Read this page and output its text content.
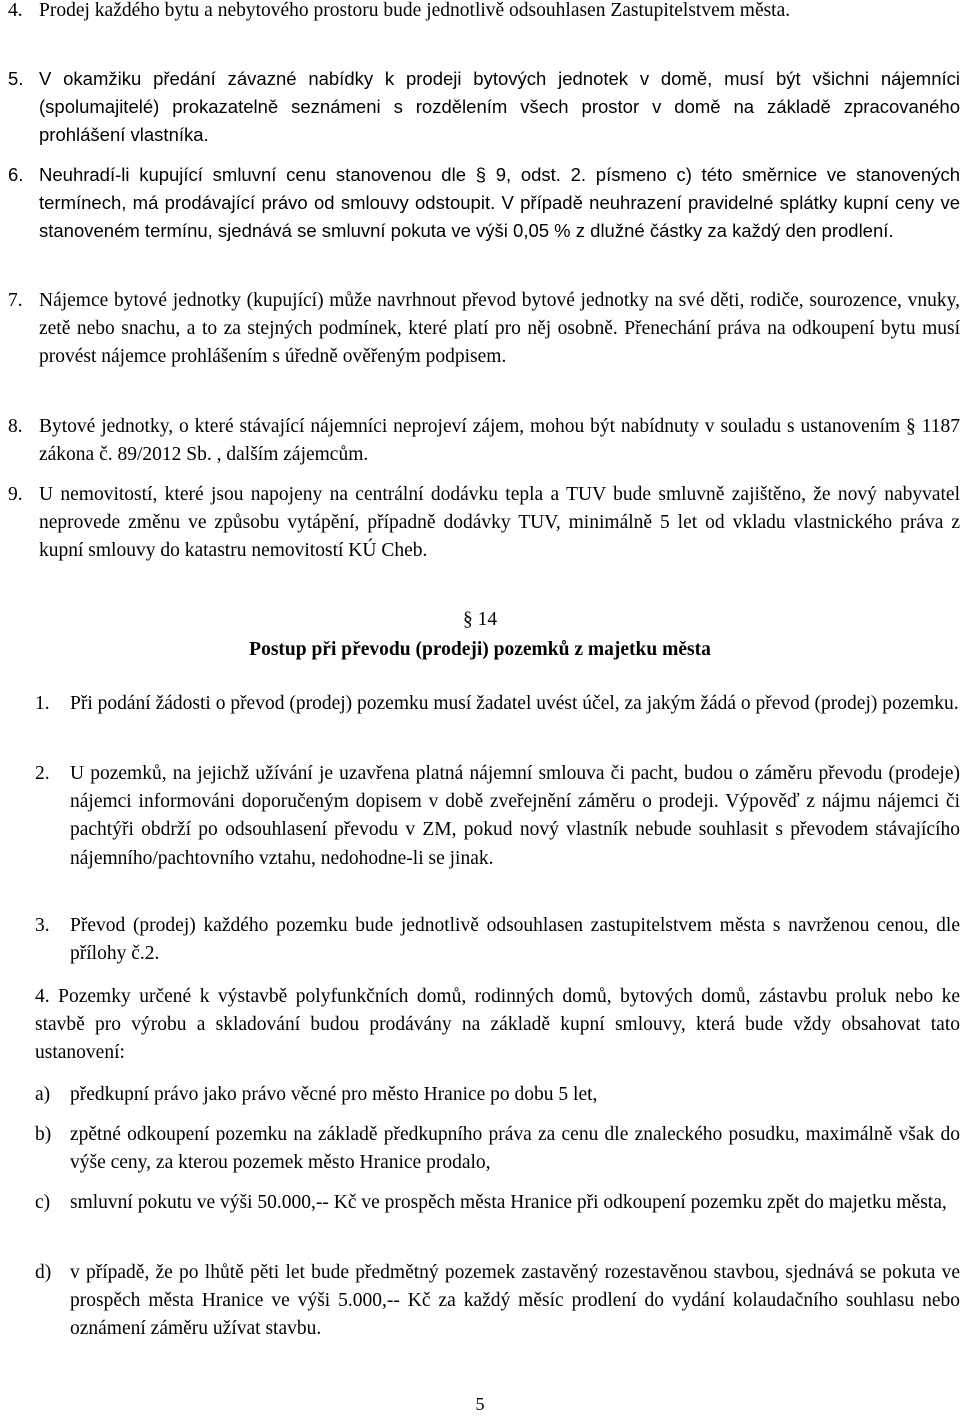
4. Prodej každého bytu a nebytového prostoru bude jednotlivě odsouhlasen Zastupitelstvem města.
5. V okamžiku předání závazné nabídky k prodeji bytových jednotek v domě, musí být všichni nájemníci (spolumajitelé) prokazatelně seznámeni s rozdělením všech prostor v domě na základě zpracovaného prohlášení vlastníka.
6. Neuhradí-li kupující smluvní cenu stanovenou dle § 9, odst. 2. písmeno c) této směrnice ve stanovených termínech, má prodávající právo od smlouvy odstoupit. V případě neuhrazení pravidelné splátky kupní ceny ve stanoveném termínu, sjednává se smluvní pokuta ve výši 0,05 % z dlužné částky za každý den prodlení.
7. Nájemce bytové jednotky (kupující) může navrhnout převod bytové jednotky na své děti, rodiče, sourozence, vnuky, zetě nebo snachu, a to za stejných podmínek, které platí pro něj osobně. Přenechání práva na odkoupení bytu musí provést nájemce prohlášením s úředně ověřeným podpisem.
8. Bytové jednotky, o které stávající nájemníci neprojeví zájem, mohou být nabídnuty v souladu s ustanovením § 1187 zákona č. 89/2012 Sb. , dalším zájemcům.
9. U nemovitostí, které jsou napojeny na centrální dodávku tepla a TUV bude smluvně zajištěno, že nový nabyvatel neprovede změnu ve způsobu vytápění, případně dodávky TUV, minimálně 5 let od vkladu vlastnického práva z kupní smlouvy do katastru nemovitostí KÚ Cheb.
§ 14
Postup při převodu (prodeji) pozemků z majetku města
1. Při podání žádosti o převod (prodej) pozemku musí žadatel uvést účel, za jakým žádá o převod (prodej) pozemku.
2. U pozemků, na jejichž užívání je uzavřena platná nájemní smlouva či pacht, budou o záměru převodu (prodeje) nájemci informováni doporučeným dopisem v době zveřejnění záměru o prodeji. Výpověď z nájmu nájemci či pachtýři obdrží po odsouhlasení převodu v ZM, pokud nový vlastník nebude souhlasit s převodem stávajícího nájemního/pachtovního vztahu, nedohodne-li se jinak.
3. Převod (prodej) každého pozemku bude jednotlivě odsouhlasen zastupitelstvem města s navrženou cenou, dle přílohy č.2.
4. Pozemky určené k výstavbě polyfunkčních domů, rodinných domů, bytových domů, zástavbu proluk nebo ke stavbě pro výrobu a skladování budou prodávány na základě kupní smlouvy, která bude vždy obsahovat tato ustanovení:
a) předkupní právo jako právo věcné pro město Hranice po dobu 5 let,
b) zpětné odkoupení pozemku na základě předkupního práva za cenu dle znaleckého posudku, maximálně však do výše ceny, za kterou pozemek město Hranice prodalo,
c) smluvní pokutu ve výši 50.000,-- Kč ve prospěch města Hranice při odkoupení pozemku zpět do majetku města,
d) v případě, že po lhůtě pěti let bude předmětný pozemek zastavěný rozestavěnou stavbou, sjednává se pokuta ve prospěch města Hranice ve výši 5.000,-- Kč za každý měsíc prodlení do vydání kolaudačního souhlasu nebo oznámení záměru užívat stavbu.
5
